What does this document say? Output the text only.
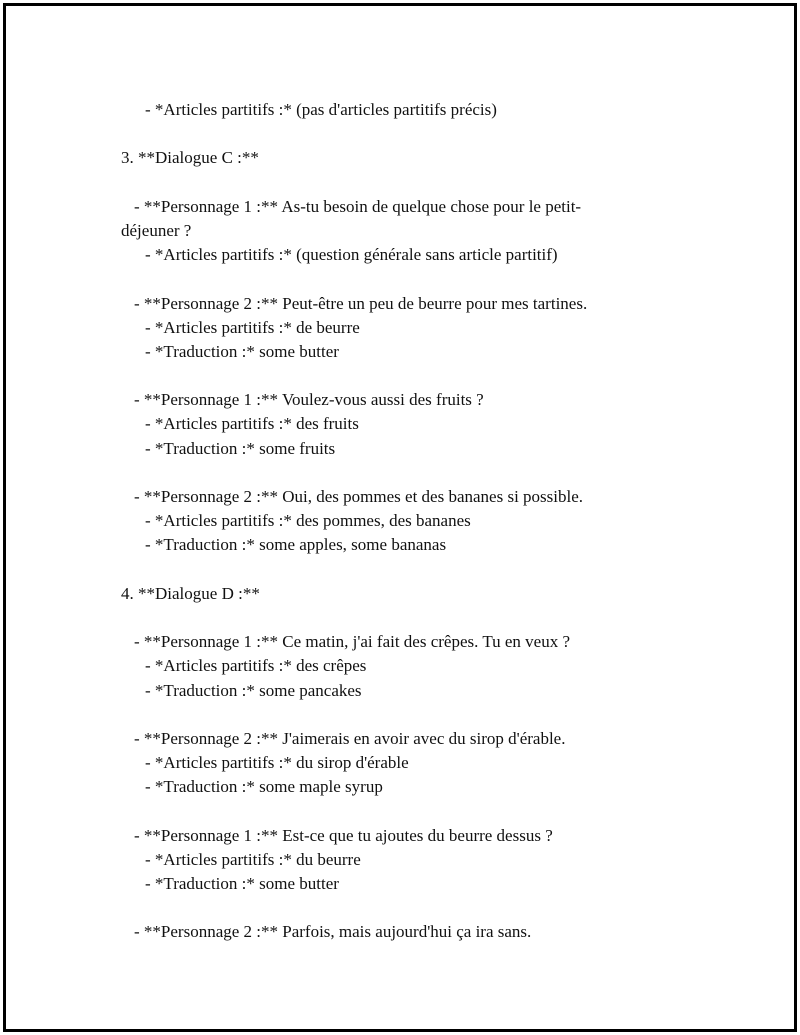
- *Articles partitifs :* (pas d'articles partitifs précis)
3. **Dialogue C :**
- **Personnage 1 :** As-tu besoin de quelque chose pour le petit-
déjeuner ?
- *Articles partitifs :* (question générale sans article partitif)
- **Personnage 2 :** Peut-être un peu de beurre pour mes tartines.
- *Articles partitifs :* de beurre
- *Traduction :* some butter
- **Personnage 1 :** Voulez-vous aussi des fruits ?
- *Articles partitifs :* des fruits
- *Traduction :* some fruits
- **Personnage 2 :** Oui, des pommes et des bananes si possible.
- *Articles partitifs :* des pommes, des bananes
- *Traduction :* some apples, some bananas
4. **Dialogue D :**
- **Personnage 1 :** Ce matin, j'ai fait des crêpes. Tu en veux ?
- *Articles partitifs :* des crêpes
- *Traduction :* some pancakes
- **Personnage 2 :** J'aimerais en avoir avec du sirop d'érable.
- *Articles partitifs :* du sirop d'érable
- *Traduction :* some maple syrup
- **Personnage 1 :** Est-ce que tu ajoutes du beurre dessus ?
- *Articles partitifs :* du beurre
- *Traduction :* some butter
- **Personnage 2 :** Parfois, mais aujourd'hui ça ira sans.
